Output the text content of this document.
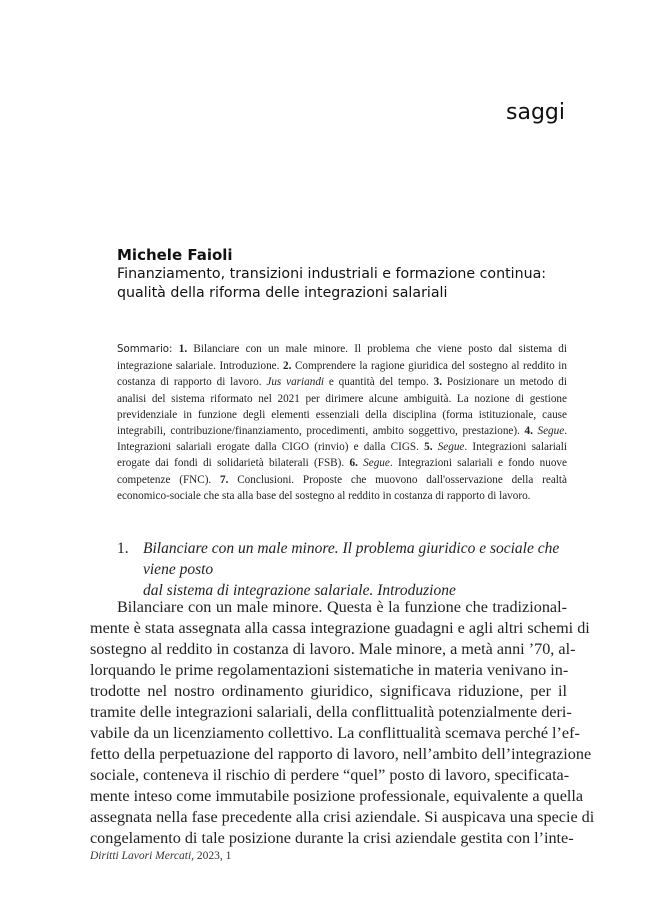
saggi
Michele Faioli
Finanziamento, transizioni industriali e formazione continua:
qualità della riforma delle integrazioni salariali
Sommario: 1. Bilanciare con un male minore. Il problema che viene posto dal sistema di integrazione salariale. Introduzione. 2. Comprendere la ragione giuridica del sostegno al reddito in costanza di rapporto di lavoro. Jus variandi e quantità del tempo. 3. Posizionare un metodo di analisi del sistema riformato nel 2021 per dirimere alcune ambiguità. La nozione di gestione previdenziale in funzione degli elementi essenziali della disciplina (forma istituzionale, cause integrabili, contribuzione/finanziamento, procedimenti, ambito soggettivo, prestazione). 4. Segue. Integrazioni salariali erogate dalla CIGO (rinvio) e dalla CIGS. 5. Segue. Integrazioni salariali erogate dai fondi di solidarietà bilaterali (FSB). 6. Segue. Integrazioni salariali e fondo nuove competenze (FNC). 7. Conclusioni. Proposte che muovono dall'osservazione della realtà economico-sociale che sta alla base del sostegno al reddito in costanza di rapporto di lavoro.
1. Bilanciare con un male minore. Il problema giuridico e sociale che viene posto
dal sistema di integrazione salariale. Introduzione
Bilanciare con un male minore. Questa è la funzione che tradizional-
mente è stata assegnata alla cassa integrazione guadagni e agli altri schemi di
sostegno al reddito in costanza di lavoro. Male minore, a metà anni ’70, al-
lorquando le prime regolamentazioni sistematiche in materia venivano in-
trodotte nel nostro ordinamento giuridico, significava riduzione, per il
tramite delle integrazioni salariali, della conflittualità potenzialmente deri-
vabile da un licenziamento collettivo. La conflittualità scemava perché l’ef-
fetto della perpetuazione del rapporto di lavoro, nell’ambito dell’integrazione
sociale, conteneva il rischio di perdere “quel” posto di lavoro, specificata-
mente inteso come immutabile posizione professionale, equivalente a quella
assegnata nella fase precedente alla crisi aziendale. Si auspicava una specie di
congelamento di tale posizione durante la crisi aziendale gestita con l’inte-
Diritti Lavori Mercati, 2023, 1
